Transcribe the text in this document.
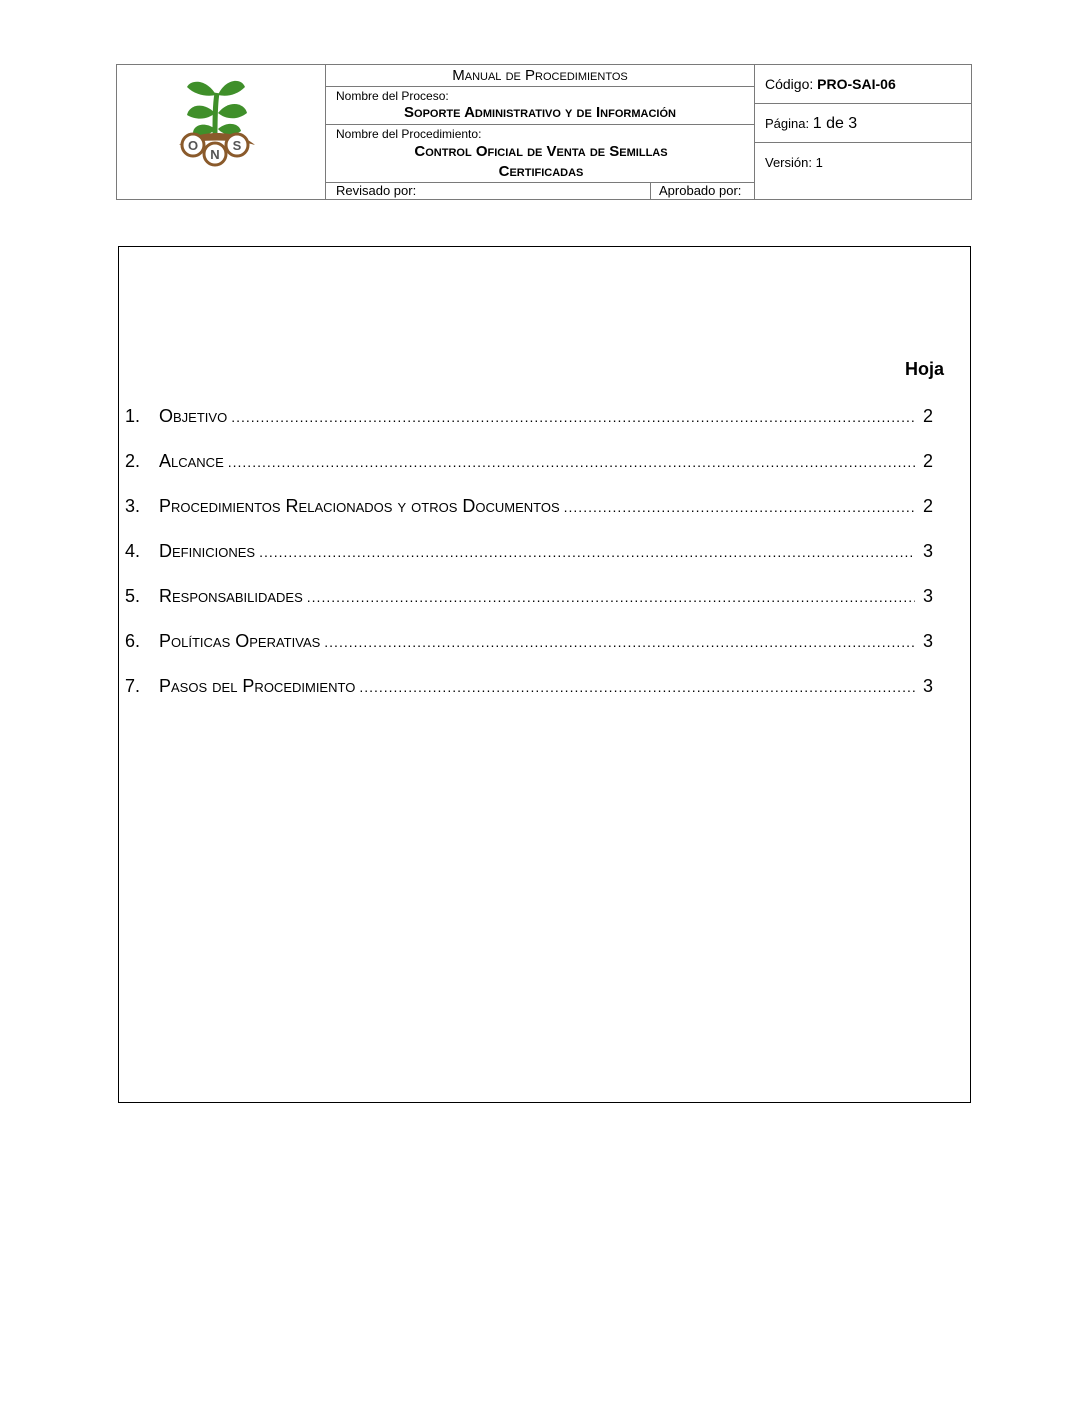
O
N
S
Manual de Procedimientos
Nombre del Proceso:
Soporte Administrativo y de Información
Nombre del Procedimiento:
Control Oficial de Venta de Semillas Certificadas
Revisado por:	Aprobado por:
Código: PRO-SAI-06
Página: 1 de 3
Versión: 1
Hoja
1.	Objetivo .....	2
2.	Alcance .....	2
3.	Procedimientos Relacionados y otros Documentos .....	2
4.	Definiciones .....	3
5.	Responsabilidades .....	3
6.	Políticas Operativas .....	3
7.	Pasos del Procedimiento .....	3
